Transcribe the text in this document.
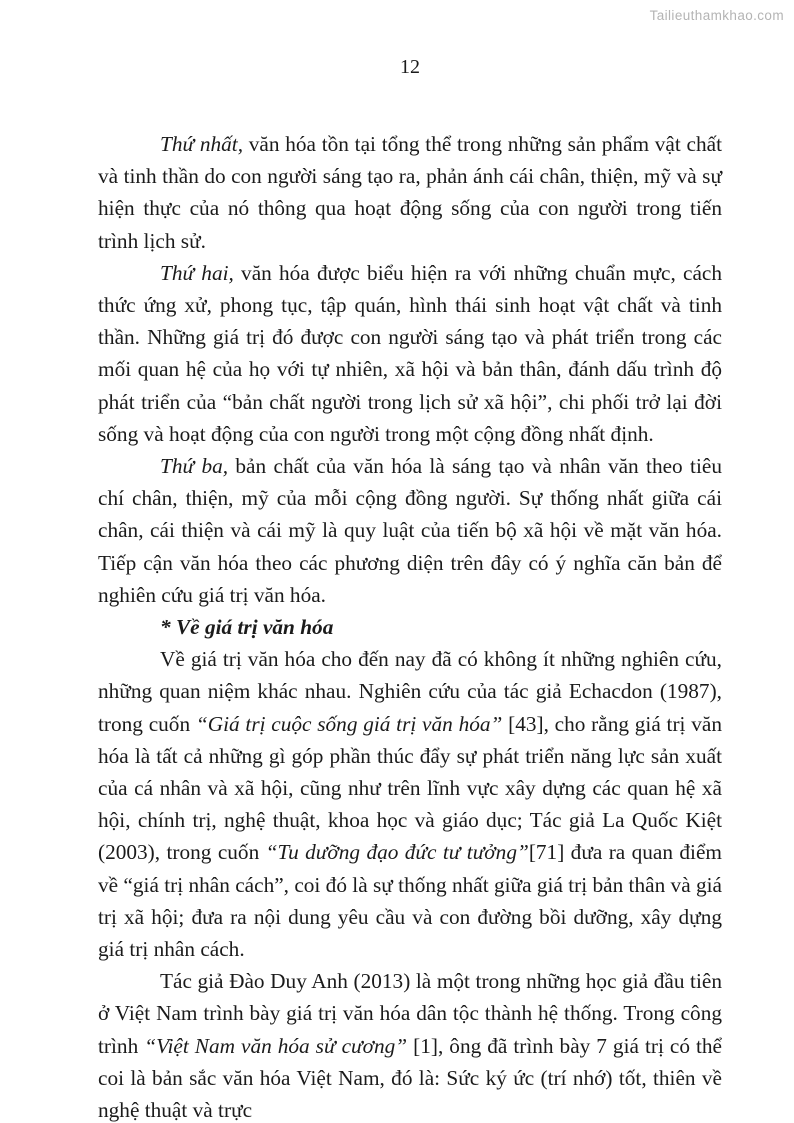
Tailieuthamkhao.com
12

Thứ nhất, văn hóa tồn tại tổng thể trong những sản phẩm vật chất và tinh thần do con người sáng tạo ra, phản ánh cái chân, thiện, mỹ và sự hiện thực của nó thông qua hoạt động sống của con người trong tiến trình lịch sử.

Thứ hai, văn hóa được biểu hiện ra với những chuẩn mực, cách thức ứng xử, phong tục, tập quán, hình thái sinh hoạt vật chất và tinh thần. Những giá trị đó được con người sáng tạo và phát triển trong các mối quan hệ của họ với tự nhiên, xã hội và bản thân, đánh dấu trình độ phát triển của “bản chất người trong lịch sử xã hội”, chi phối trở lại đời sống và hoạt động của con người trong một cộng đồng nhất định.

Thứ ba, bản chất của văn hóa là sáng tạo và nhân văn theo tiêu chí chân, thiện, mỹ của mỗi cộng đồng người. Sự thống nhất giữa cái chân, cái thiện và cái mỹ là quy luật của tiến bộ xã hội về mặt văn hóa. Tiếp cận văn hóa theo các phương diện trên đây có ý nghĩa căn bản để nghiên cứu giá trị văn hóa.

* Về giá trị văn hóa

Về giá trị văn hóa cho đến nay đã có không ít những nghiên cứu, những quan niệm khác nhau. Nghiên cứu của tác giả Echacdon (1987), trong cuốn “Giá trị cuộc sống giá trị văn hóa” [43], cho rằng giá trị văn hóa là tất cả những gì góp phần thúc đẩy sự phát triển năng lực sản xuất của cá nhân và xã hội, cũng như trên lĩnh vực xây dựng các quan hệ xã hội, chính trị, nghệ thuật, khoa học và giáo dục; Tác giả La Quốc Kiệt (2003), trong cuốn “Tu dưỡng đạo đức tư tưởng”[71] đưa ra quan điểm về “giá trị nhân cách”, coi đó là sự thống nhất giữa giá trị bản thân và giá trị xã hội; đưa ra nội dung yêu cầu và con đường bồi dưỡng, xây dựng giá trị nhân cách.

Tác giả Đào Duy Anh (2013) là một trong những học giả đầu tiên ở Việt Nam trình bày giá trị văn hóa dân tộc thành hệ thống. Trong công trình “Việt Nam văn hóa sử cương” [1], ông đã trình bày 7 giá trị có thể coi là bản sắc văn hóa Việt Nam, đó là: Sức ký ức (trí nhớ) tốt, thiên về nghệ thuật và trực
